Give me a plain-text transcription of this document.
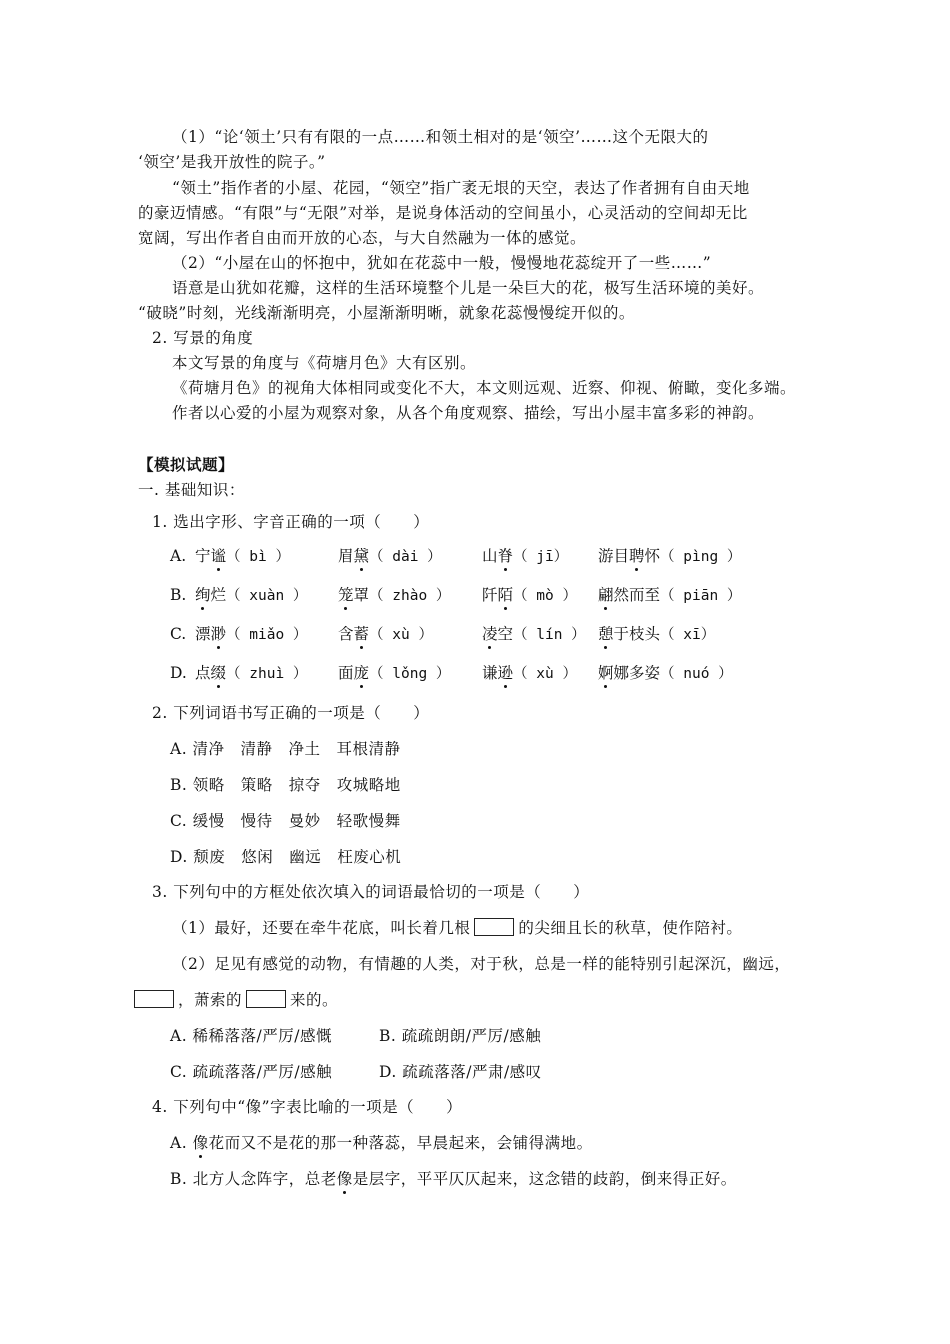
（1）“论‘领土’只有有限的一点……和领土相对的是‘领空’……这个无限大的
‘领空’是我开放性的院子。”
“领土”指作者的小屋、花园，“领空”指广袤无垠的天空，表达了作者拥有自由天地
的豪迈情感。“有限”与“无限”对举，是说身体活动的空间虽小，心灵活动的空间却无比
宽阔，写出作者自由而开放的心态，与大自然融为一体的感觉。
（2）“小屋在山的怀抱中，犹如在花蕊中一般，慢慢地花蕊绽开了一些……”
语意是山犹如花瓣，这样的生活环境整个儿是一朵巨大的花，极写生活环境的美好。
“破晓”时刻，光线渐渐明亮，小屋渐渐明晰，就象花蕊慢慢绽开似的。
2. 写景的角度
本文写景的角度与《荷塘月色》大有区别。
《荷塘月色》的视角大体相同或变化不大，本文则远观、近察、仰视、俯瞰，变化多端。
作者以心爱的小屋为观察对象，从各个角度观察、描绘，写出小屋丰富多彩的神韵。
【模拟试题】
一. 基础知识：
1. 选出字形、字音正确的一项（　　）
A. 宁谧（ bì ）	眉黛（ dài ）	山脊（ jī） 游目聘怀（ pìng ）
B. 绚烂（ xuàn ） 笼罩（ zhào ） 阡陌（ mò ） 翩然而至（ piān ）
C. 漂渺（ miǎo ） 含蓄（ xù ）	凌空（ lín ） 憩于枝头（ xī）
D. 点缀（ zhuì ） 面庞（ lǒng ） 谦逊（ xù ） 婀娜多姿（ nuó ）
2. 下列词语书写正确的一项是（　　）
A. 清净　清静　净土　耳根清静
B. 领略　策略　掠夺　攻城略地
C. 缓慢　慢待　曼妙　轻歌慢舞
D. 颓废　悠闲　幽远　枉废心机
3. 下列句中的方框处依次填入的词语最恰切的一项是（　　）
（1）最好，还要在牵牛花底，叫长着几根	的尖细且长的秋草，使作陪衬。
（2）足见有感觉的动物，有情趣的人类，对于秋，总是一样的能特别引起深沉，幽远，
，萧索的	来的。
A. 稀稀落落/严厉/感慨	B. 疏疏朗朗/严厉/感触
C. 疏疏落落/严厉/感触	D. 疏疏落落/严肃/感叹
4. 下列句中“像”字表比喻的一项是（　　）
A. 像花而又不是花的那一种落蕊，早晨起来，会铺得满地。
B. 北方人念阵字，总老像是层字，平平仄仄起来，这念错的歧韵，倒来得正好。
